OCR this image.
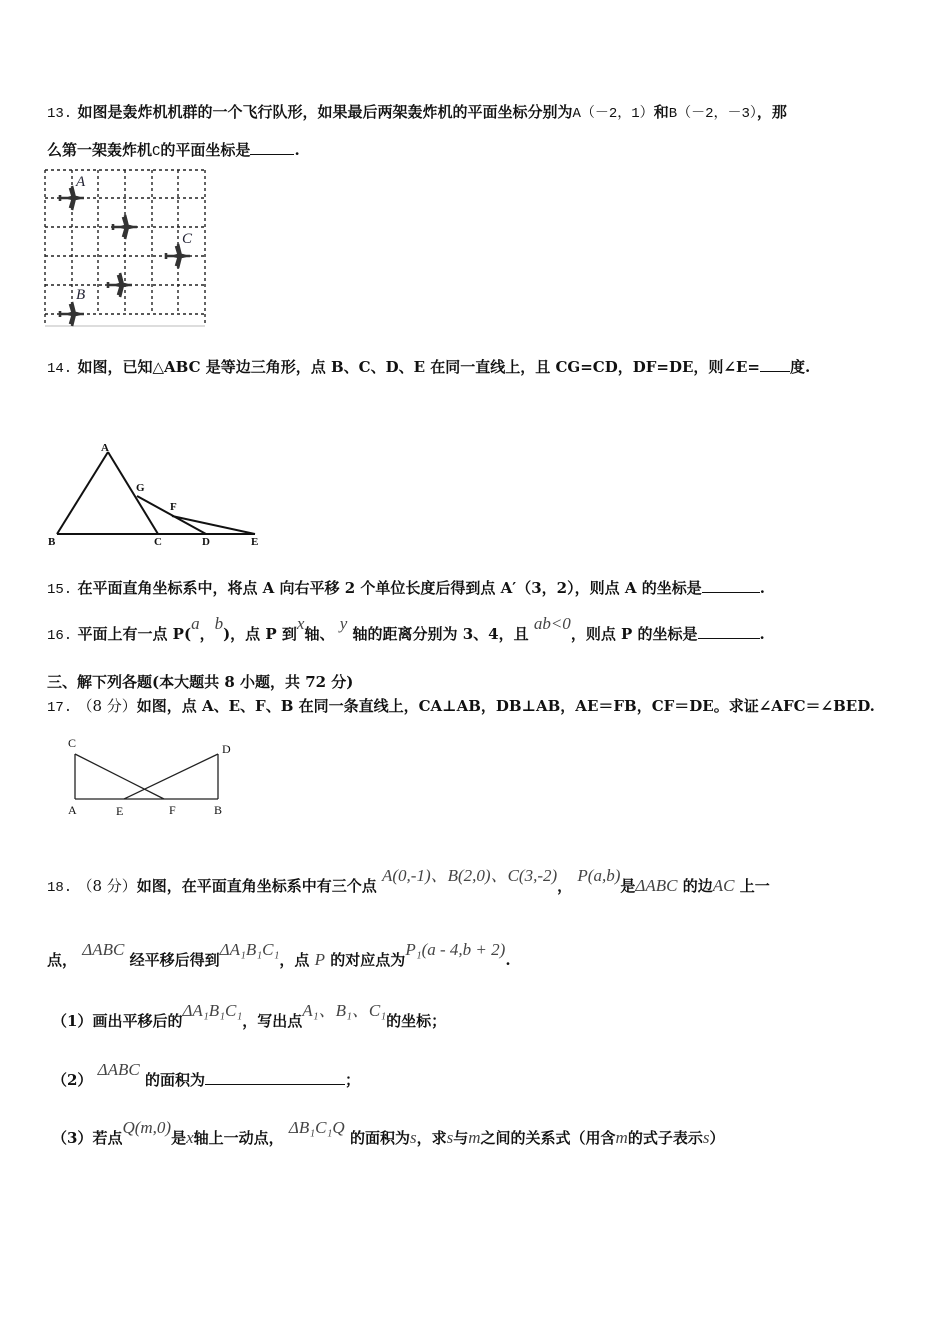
13. 如图是轰炸机机群的一个飞行队形，如果最后两架轰炸机的平面坐标分别为A（－2，1）和B（－2，－3），那
么第一架轰炸机C的平面坐标是	.
A
B
C
14. 如图，已知△ABC 是等边三角形，点 B、C、D、E 在同一直线上，且 CG=CD，DF=DE，则∠E= 度.
A
B	C	D	E
F
G
15. 在平面直角坐标系中，将点 A 向右平移 2 个单位长度后得到点 A′（3，2），则点 A 的坐标是	.
16. 平面上有一点 P(a，b)，点 P 到x轴、 y 轴的距离分别为 3、4，且 ab<0，则点 P 的坐标是	.
三、解下列各题(本大题共 8 小题，共 72 分)
17. （8 分）如图，点 A、E、F、B 在同一条直线上，CA⊥AB，DB⊥AB，AE＝FB，CF＝DE。求证∠AFC＝∠BED.
C	D
A	E	F	B
18. （8 分）如图，在平面直角坐标系中有三个点 A(0,-1)、B(2,0)、C(3,-2)， P(a,b)是ΔABC 的边AC 上一
点， ΔABC 经平移后得到ΔA₁B₁C₁，点 P 的对应点为P₁(a - 4,b + 2).
（1）画出平移后的ΔA₁B₁C₁，写出点A₁、B₁、C₁的坐标；
（2） ΔABC 的面积为	；
（3）若点Q(m,0)是x轴上一动点， ΔB₁C₁Q 的面积为s，求s与m之间的关系式（用含m的式子表示s）
